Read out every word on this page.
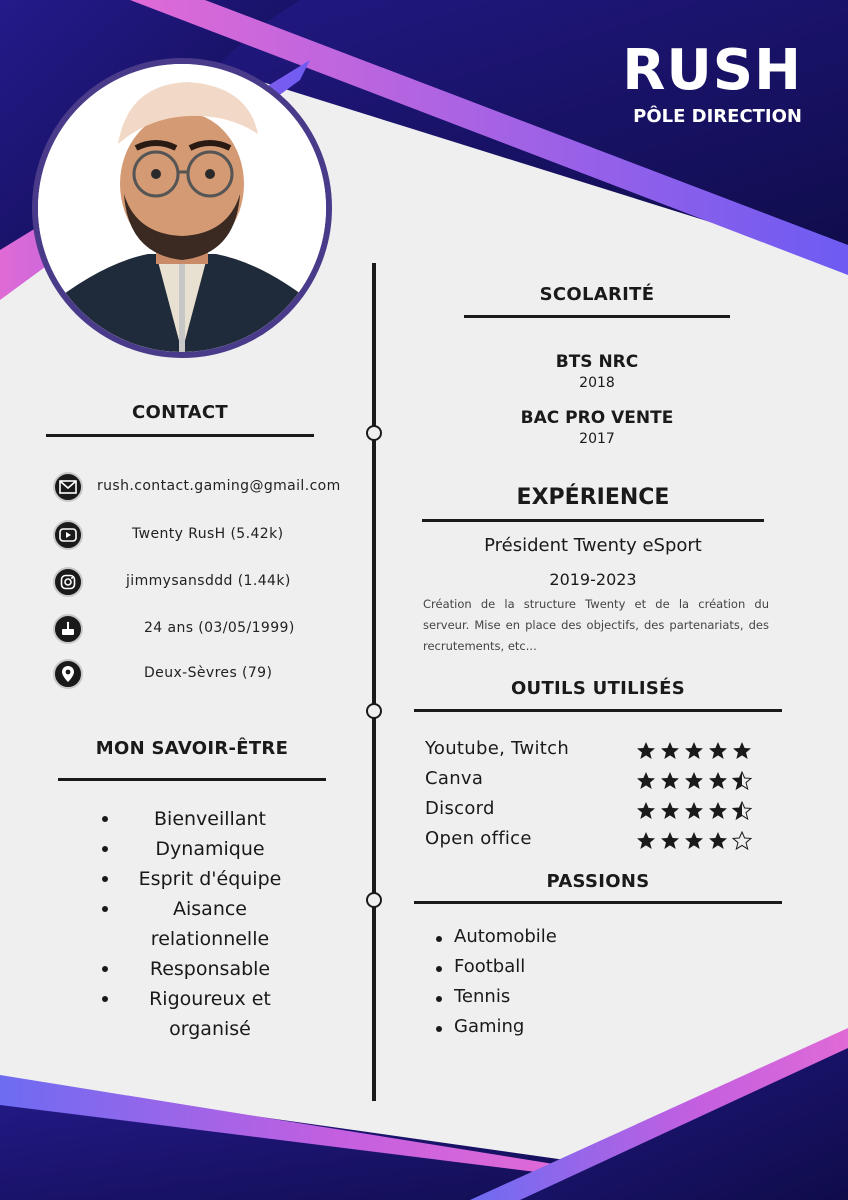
RUSH
PÔLE DIRECTION
CONTACT
rush.contact.gaming@gmail.com
Twenty RusH (5.42k)
jimmysansddd (1.44k)
24 ans (03/05/1999)
Deux-Sèvres (79)
MON SAVOIR-ÊTRE
Bienveillant
Dynamique
Esprit d'équipe
Aisance
relationnelle
Responsable
Rigoureux et
organisé
SCOLARITÉ
BTS NRC
2018
BAC PRO VENTE
2017
EXPÉRIENCE
Président Twenty eSport
2019-2023
Création de la structure Twenty et de la création du serveur. Mise en place des objectifs, des partenariats, des recrutements, etc...
OUTILS UTILISÉS
Youtube, Twitch
Canva
Discord
Open office
PASSIONS
Automobile
Football
Tennis
Gaming
